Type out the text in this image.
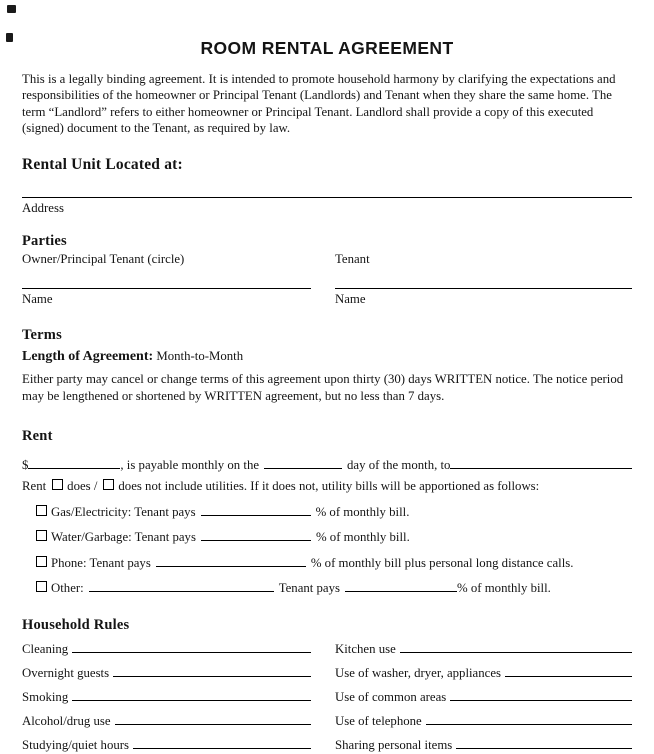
ROOM RENTAL AGREEMENT

This is a legally binding agreement. It is intended to promote household harmony by clarifying the expectations and responsibilities of the homeowner or Principal Tenant (Landlords) and Tenant when they share the same home. The term “Landlord” refers to either homeowner or Principal Tenant. Landlord shall provide a copy of this executed (signed) document to the Tenant, as required by law.

Rental Unit Located at:
Address
Parties
Owner/Principal Tenant (circle)	Tenant
Name	Name
Terms
Length of Agreement: Month-to-Month

Either party may cancel or change terms of this agreement upon thirty (30) days WRITTEN notice. The notice period may be lengthened or shortened by WRITTEN agreement, but no less than 7 days.

Rent
$	, is payable monthly on the	day of the month, to
Rent does / does not include utilities. If it does not, utility bills will be apportioned as follows:
Gas/Electricity: Tenant pays	% of monthly bill.
Water/Garbage: Tenant pays	% of monthly bill.
Phone: Tenant pays	% of monthly bill plus personal long distance calls.
Other:	Tenant pays	% of monthly bill.
Household Rules
Cleaning	Kitchen use
Overnight guests	Use of washer, dryer, appliances
Smoking	Use of common areas
Alcohol/drug use	Use of telephone
Studying/quiet hours	Sharing personal items
